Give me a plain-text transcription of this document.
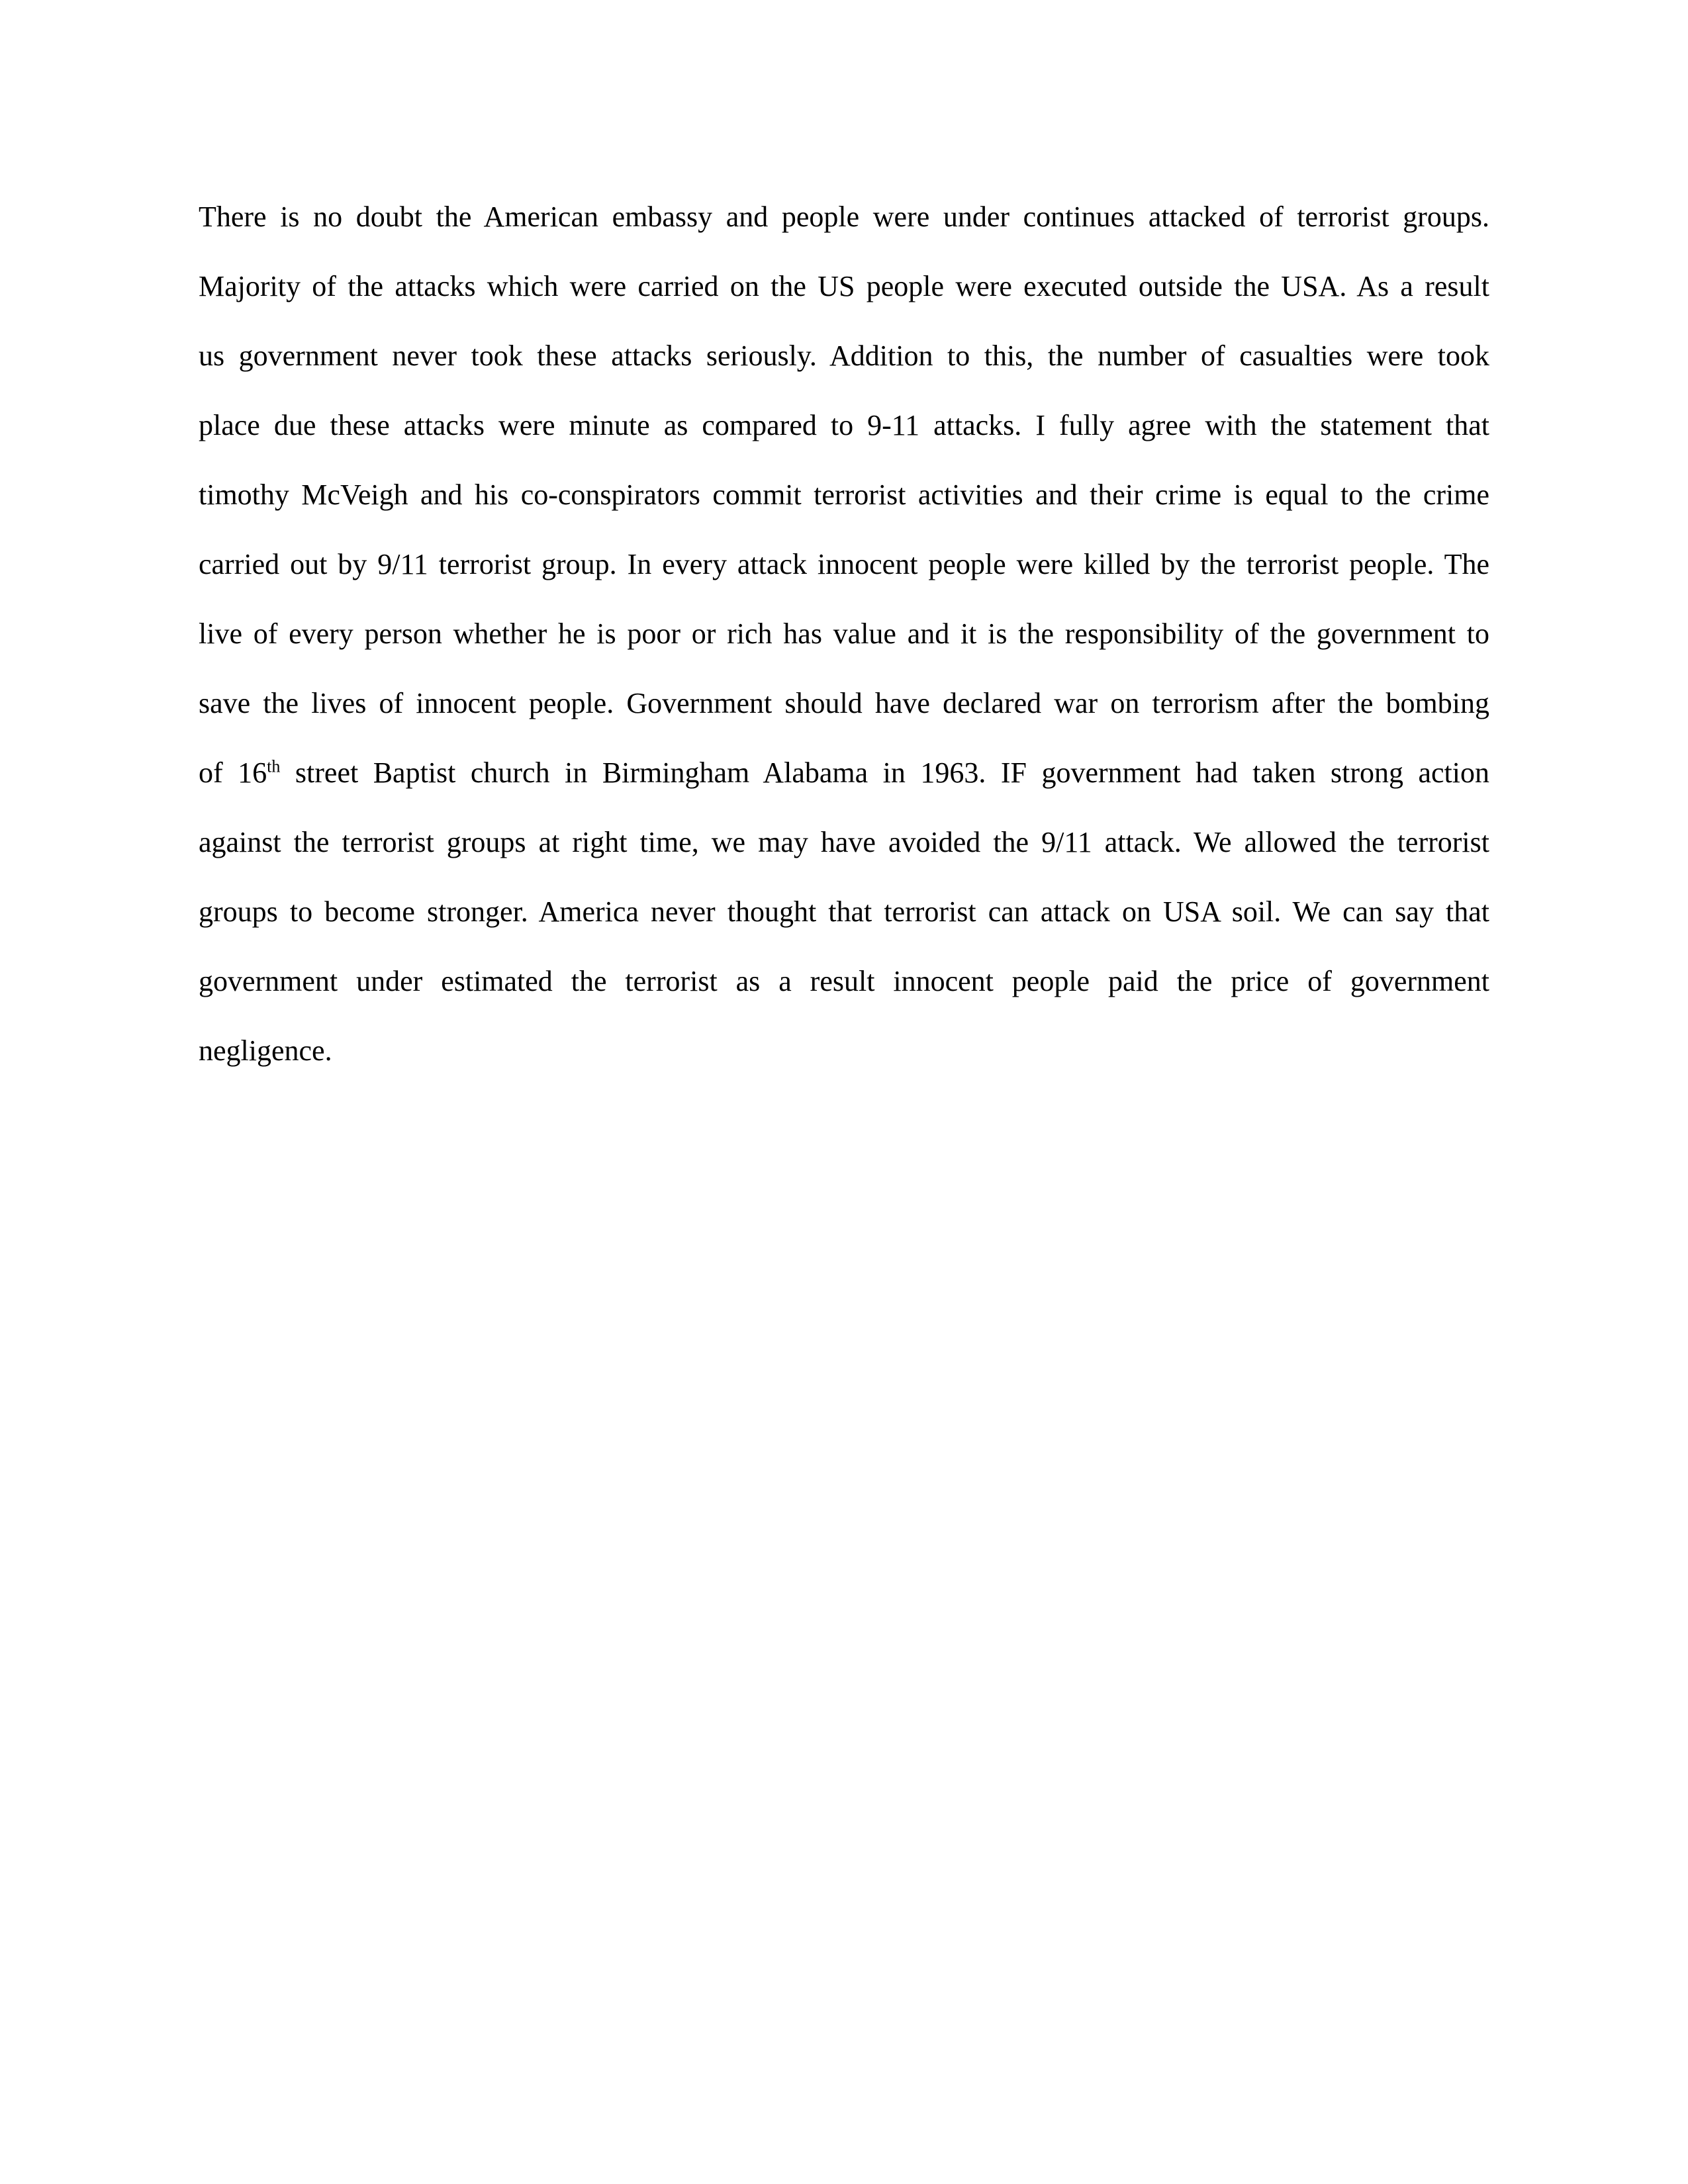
There is no doubt the American embassy and people were under continues attacked of terrorist groups.
Majority of the attacks which were carried on the US people were executed outside the USA. As a result
us government never took these attacks seriously. Addition to this, the number of casualties were took
place due these attacks were minute as compared to 9-11 attacks. I fully agree with the statement that
timothy McVeigh and his co-conspirators commit terrorist activities and their crime is equal to the crime
carried out by 9/11 terrorist group. In every attack innocent people were killed by the terrorist people. The
live of every person whether he is poor or rich has value and it is the responsibility of the government to
save the lives of innocent people. Government should have declared war on terrorism after the bombing
of 16th street Baptist church in Birmingham Alabama in 1963. IF government had taken strong action
against the terrorist groups at right time, we may have avoided the 9/11 attack. We allowed the terrorist
groups to become stronger. America never thought that terrorist can attack on USA soil. We can say that
government under estimated the terrorist as a result innocent people paid the price of government
negligence.
